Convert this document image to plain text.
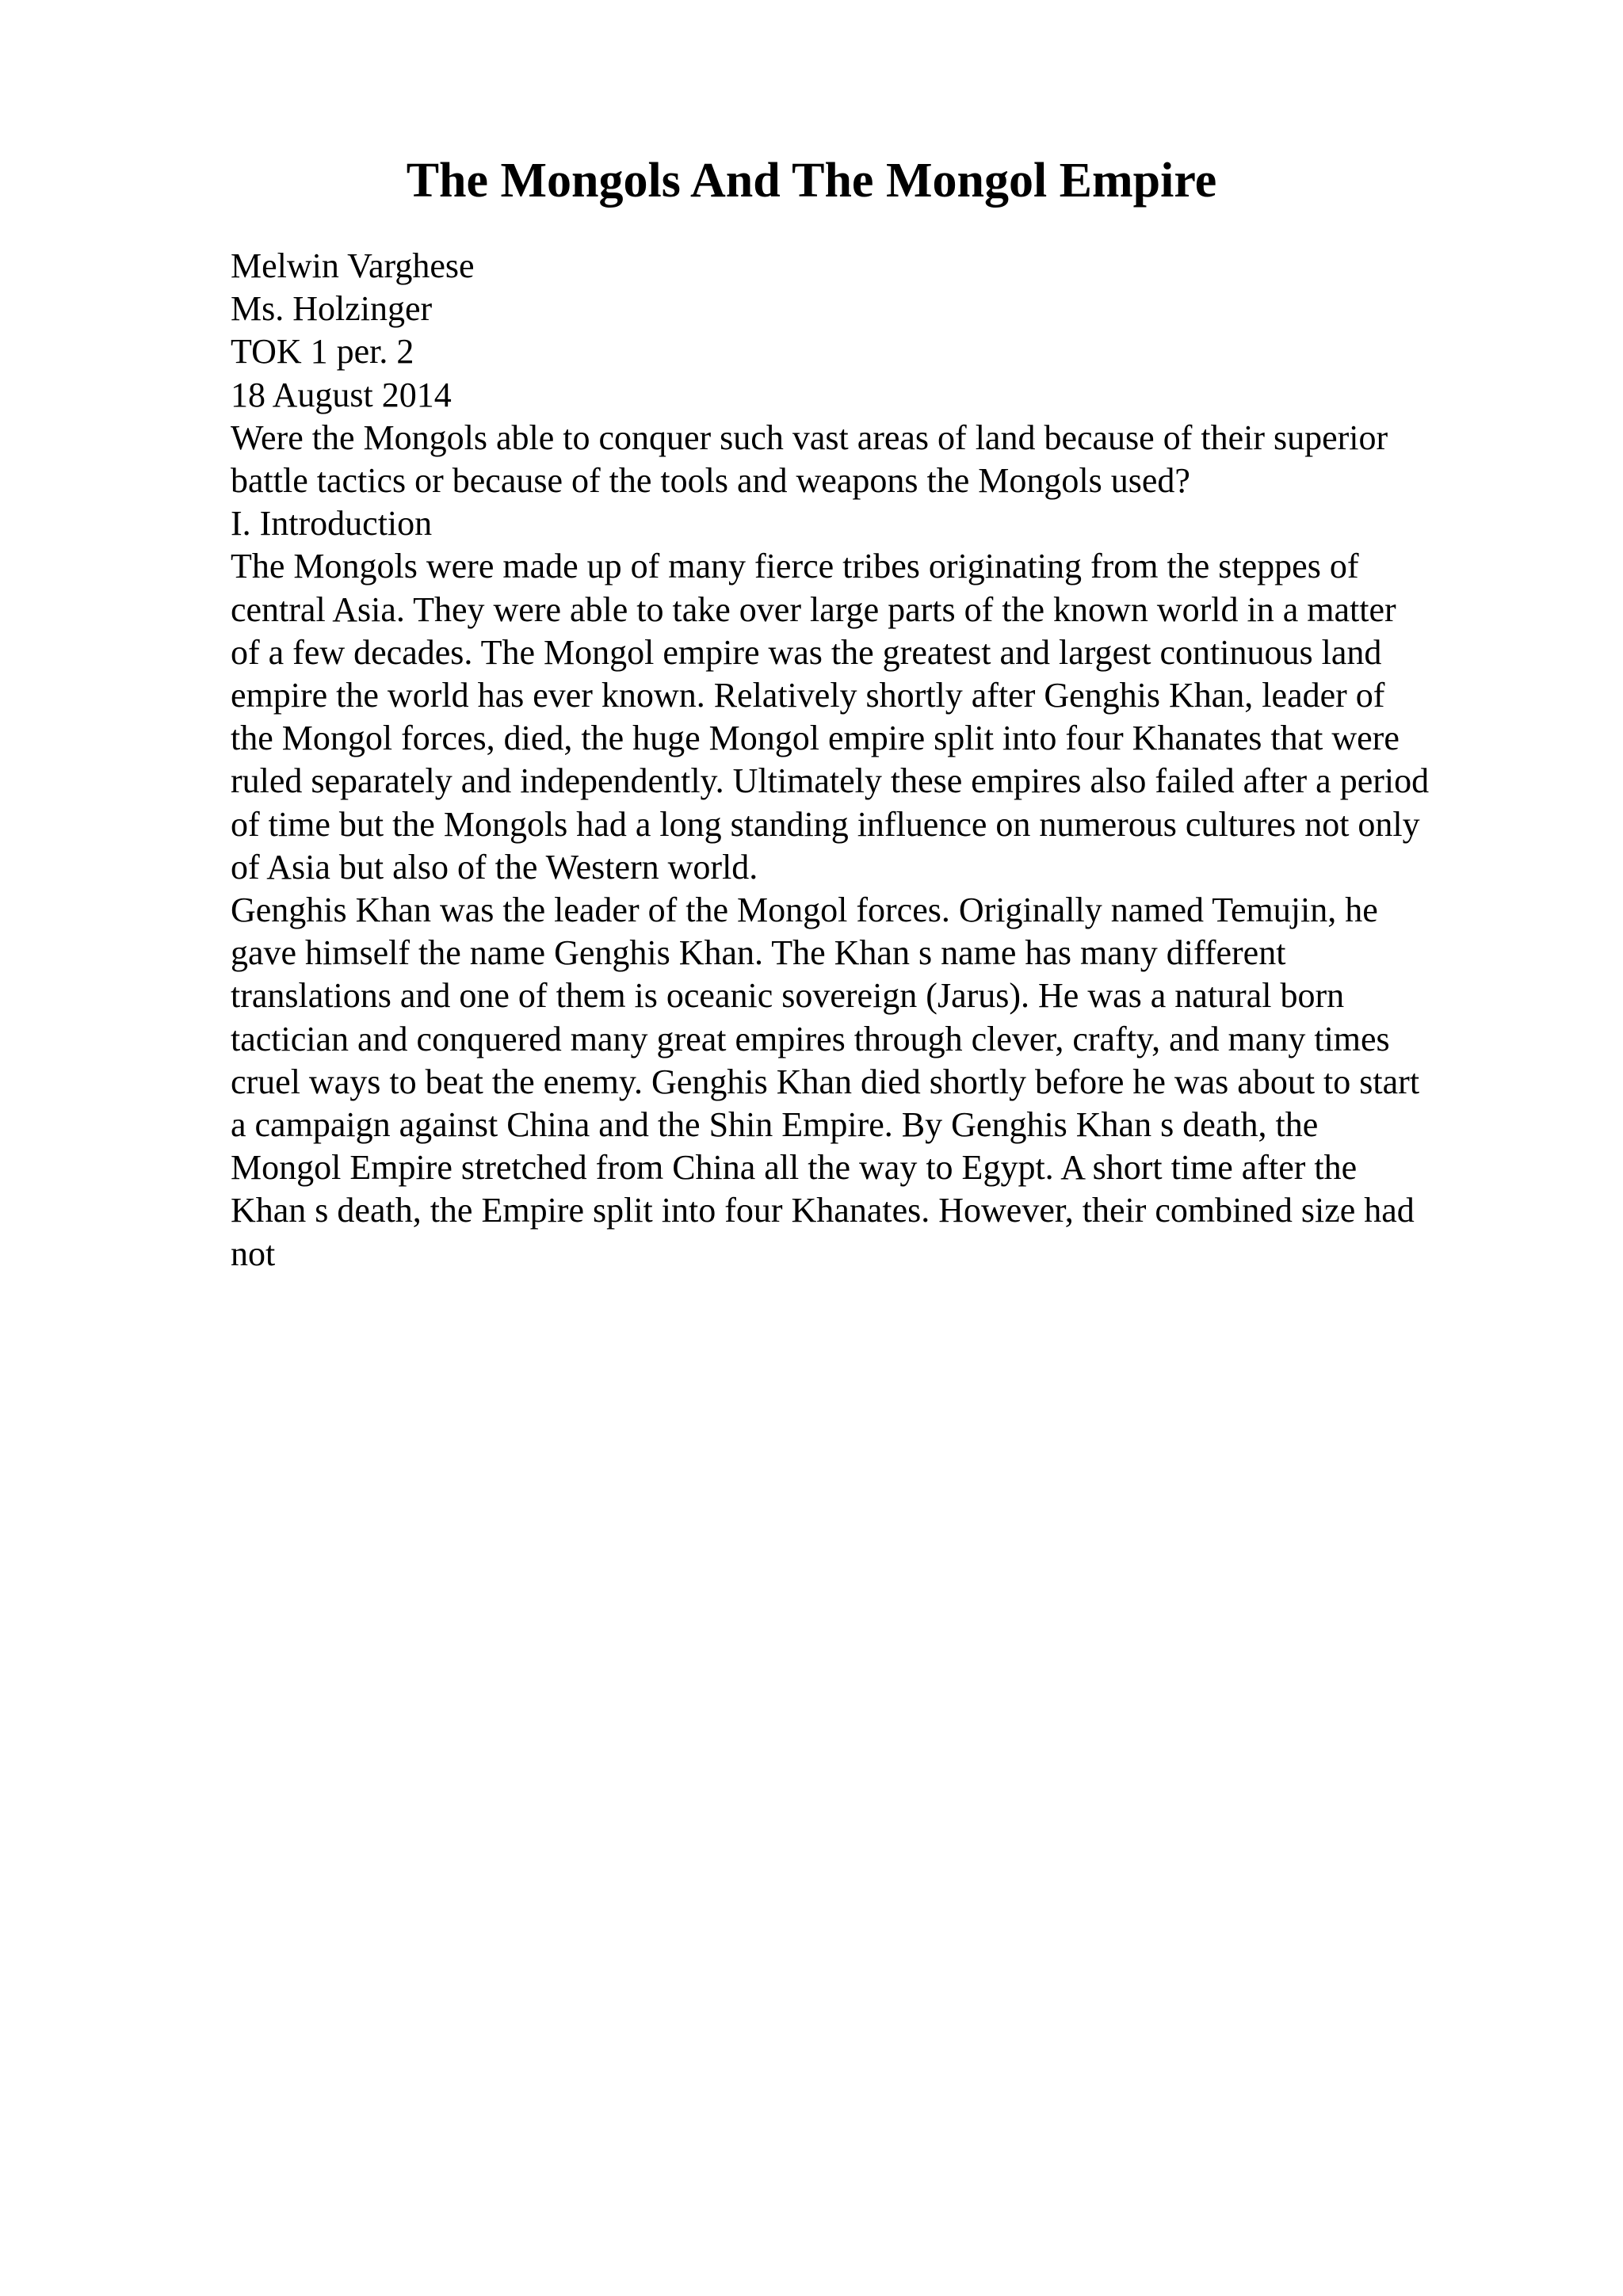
The Mongols And The Mongol Empire
Melwin Varghese
Ms. Holzinger
TOK 1 per. 2
18 August 2014
Were the Mongols able to conquer such vast areas of land because of their superior
battle tactics or because of the tools and weapons the Mongols used?
I. Introduction
The Mongols were made up of many fierce tribes originating from the steppes of
central Asia. They were able to take over large parts of the known world in a matter
of a few decades. The Mongol empire was the greatest and largest continuous land
empire the world has ever known. Relatively shortly after Genghis Khan, leader of
the Mongol forces, died, the huge Mongol empire split into four Khanates that were
ruled separately and independently. Ultimately these empires also failed after a period
of time but the Mongols had a long standing influence on numerous cultures not only
of Asia but also of the Western world.
Genghis Khan was the leader of the Mongol forces. Originally named Temujin, he
gave himself the name Genghis Khan. The Khan s name has many different
translations and one of them is oceanic sovereign (Jarus). He was a natural born
tactician and conquered many great empires through clever, crafty, and many times
cruel ways to beat the enemy. Genghis Khan died shortly before he was about to start
a campaign against China and the Shin Empire. By Genghis Khan s death, the
Mongol Empire stretched from China all the way to Egypt. A short time after the
Khan s death, the Empire split into four Khanates. However, their combined size had
not
